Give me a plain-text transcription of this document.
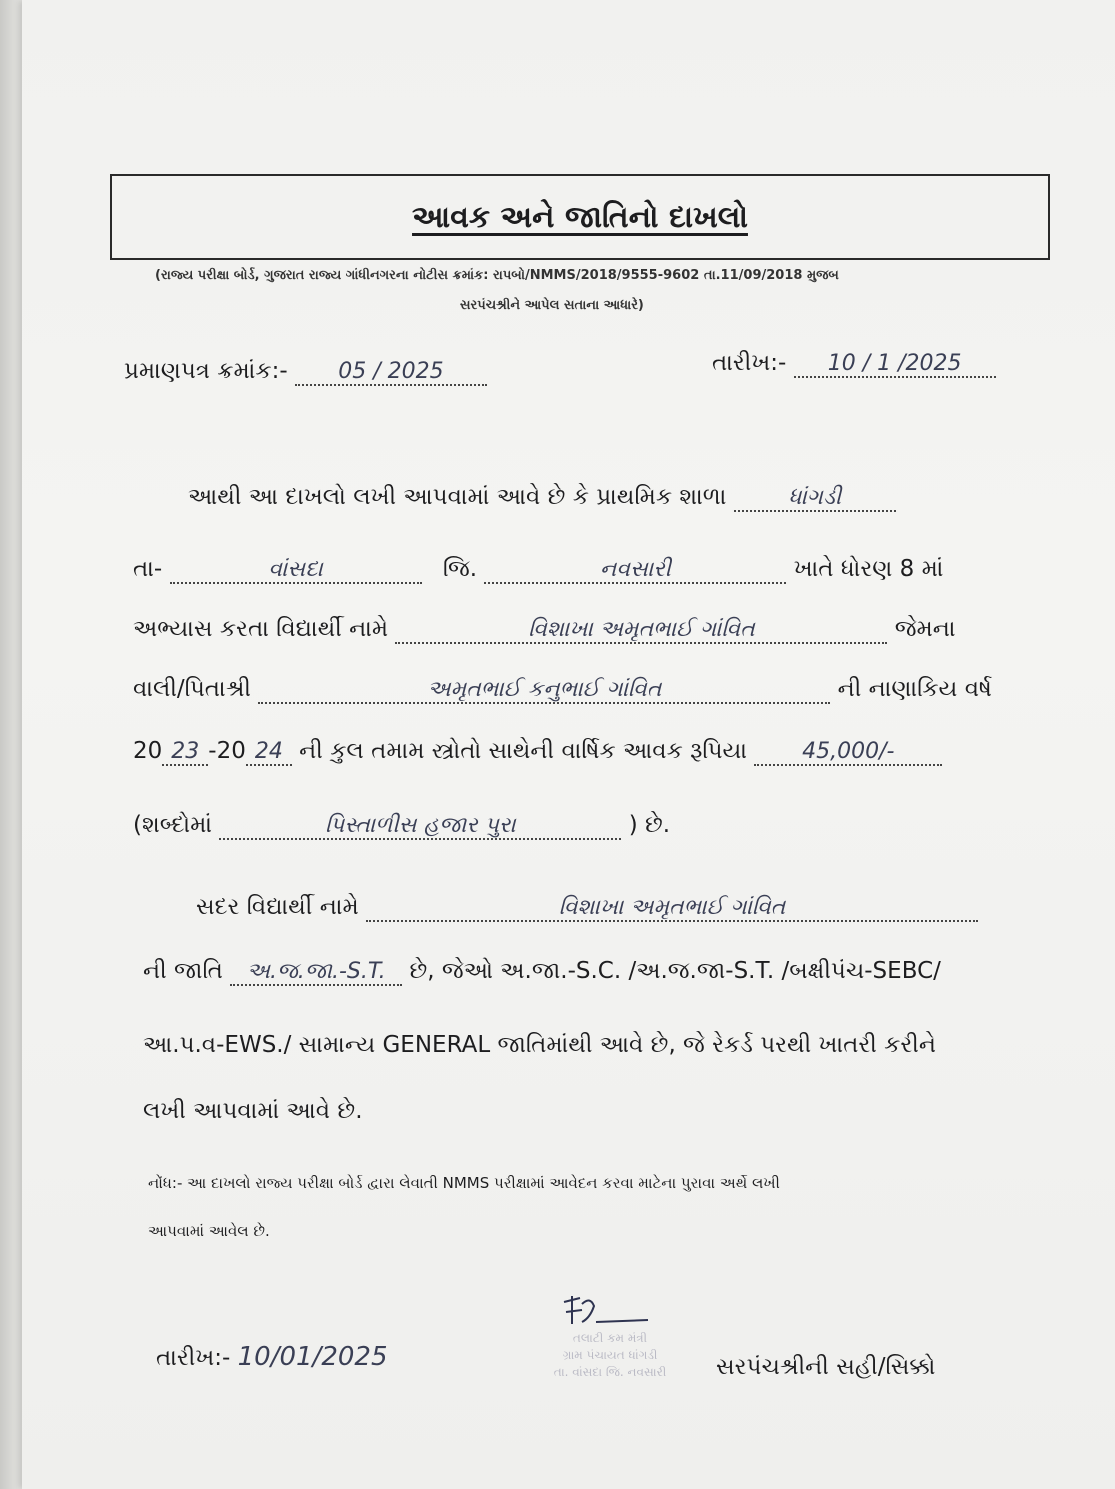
આવક અને જાતિનો દાખલો
(રાજ્ય પરીક્ષા બોર્ડ, ગુજરાત રાજ્ય ગાંધીનગરના નોટીસ ક્રમાંક: રાપબો/NMMS/2018/9555-9602 તા.11/09/2018 મુજબ
સરપંચશ્રીને આપેલ સતાના આધારે)
પ્રમાણપત્ર ક્રમાંક:- 05 / 2025	તારીખ:- 10 / 1 /2025
આથી આ દાખલો લખી આપવામાં આવે છે કે પ્રાથમિક શાળા	ધાંગડી
તા-	વાંસદા	જિ.	નવસારી	ખાતે ધોરણ 8 માં
અભ્યાસ કરતા વિદ્યાર્થી નામે	વિશાખા અમૃતભાઈ ગાંવિત	જેમના
વાલી/પિતાશ્રી	અમૃતભાઈ કનુભાઈ ગાંવિત	ની નાણાકિય વર્ષ
20 23 -20 24 ની કુલ તમામ સ્ત્રોતો સાથેની વાર્ષિક આવક રૂપિયા	45,000/-
(શબ્દોમાં	પિસ્તાળીસ હજાર પુરા	) છે.
સદર વિદ્યાર્થી નામે	વિશાખા અમૃતભાઈ ગાંવિત
ની જાતિ અ.જ.જા.-S.T. છે, જેઓ અ.જા.-S.C. /અ.જ.જા-S.T. /બક્ષીપંચ-SEBC/
આ.પ.વ-EWS./ સામાન્ય GENERAL જાતિમાંથી આવે છે, જે રેકર્ડ પરથી ખાતરી કરીને
લખી આપવામાં આવે છે.
નોંધ:- આ દાખલો રાજ્ય પરીક્ષા બોર્ડ દ્વારા લેવાતી NMMS પરીક્ષામાં આવેદન કરવા માટેના પુરાવા અર્થે લખી
આપવામાં આવેલ છે.
તારીખ:- 10/01/2025
તલાટી કમ મંત્રી
ગ્રામ પંચાયત ધાંગડી
તા. વાંસદા જિ. નવસારી	સરપંચશ્રીની સહી/સિક્કો
